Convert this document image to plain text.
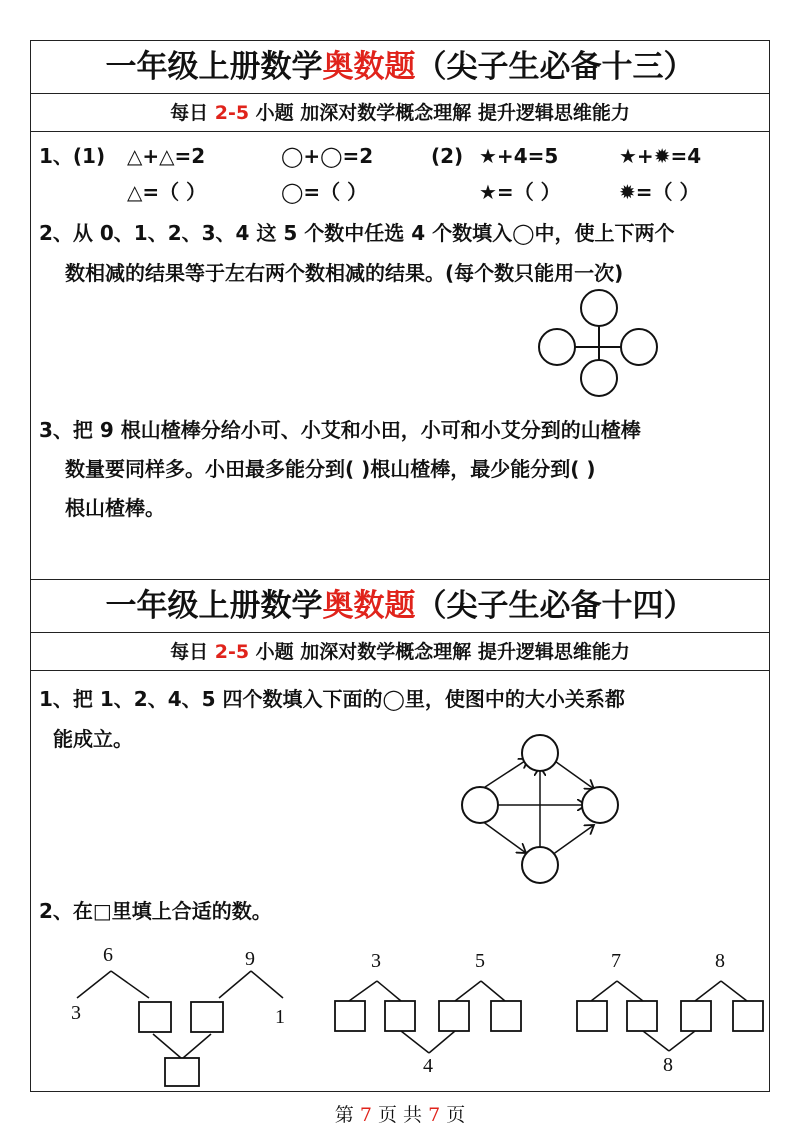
一年级上册数学奥数题（尖子生必备十三）
每日 2-5 小题 加深对数学概念理解 提升逻辑思维能力
1、(1) △+△=2	◯+◯=2	(2) ★+4=5	★+✹=4
△=（ ）	◯=（ ）	★=（ ）	✹=（ ）
2、从 0、1、2、3、4 这 5 个数中任选 4 个数填入◯中，使上下两个
数相减的结果等于左右两个数相减的结果。(每个数只能用一次)
3、把 9 根山楂棒分给小可、小艾和小田，小可和小艾分到的山楂棒
数量要同样多。小田最多能分到( )根山楂棒，最少能分到( )
根山楂棒。
一年级上册数学奥数题（尖子生必备十四）
每日 2-5 小题 加深对数学概念理解 提升逻辑思维能力
1、把 1、2、4、5 四个数填入下面的◯里，使图中的大小关系都
能成立。
2、在□里填上合适的数。
6	9
3	1
3	5
4
7	8
8
第 7 页 共 7 页
